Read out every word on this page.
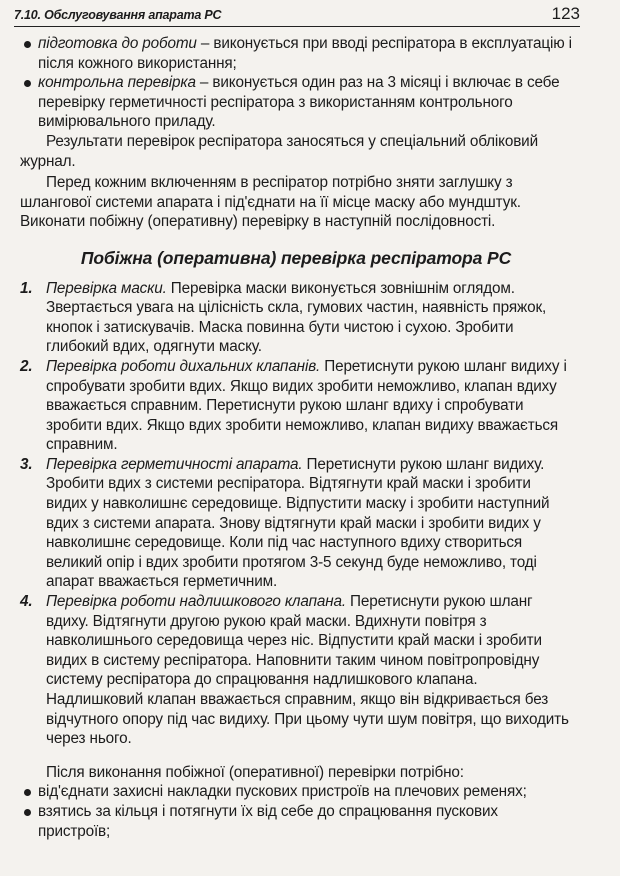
7.10. Обслуговування апарата РС	123

підготовка до роботи – виконується при вводі респіратора в експлуатацію і після кожного використання;

контрольна перевірка – виконується один раз на 3 місяці і включає в себе перевірку герметичності респіратора з використанням контрольного вимірювального приладу.

Результати перевірок респіратора заносяться у спеціальний обліковий журнал.

Перед кожним включенням в респіратор потрібно зняти заглушку з шлангової системи апарата і під'єднати на її місце маску або мундштук. Виконати побіжну (оперативну) перевірку в наступній послідовності.

Побіжна (оперативна) перевірка респіратора РС

1. Перевірка маски. Перевірка маски виконується зовнішнім оглядом. Звертається увага на цілісність скла, гумових частин, наявність пряжок, кнопок і затискувачів. Маска повинна бути чистою і сухою. Зробити глибокий вдих, одягнути маску.

2. Перевірка роботи дихальних клапанів. Перетиснути рукою шланг видиху і спробувати зробити вдих. Якщо видих зробити неможливо, клапан вдиху вважається справним. Перетиснути рукою шланг вдиху і спробувати зробити вдих. Якщо вдих зробити неможливо, клапан видиху вважається справним.

3. Перевірка герметичності апарата. Перетиснути рукою шланг видиху. Зробити вдих з системи респіратора. Відтягнути край маски і зробити видих у навколишнє середовище. Відпустити маску і зробити наступний вдих з системи апарата. Знову відтягнути край маски і зробити видих у навколишнє середовище. Коли під час наступного вдиху створиться великий опір і вдих зробити протягом 3-5 секунд буде неможливо, тоді апарат вважається герметичним.

4. Перевірка роботи надлишкового клапана. Перетиснути рукою шланг вдиху. Відтягнути другою рукою край маски. Вдихнути повітря з навколишнього середовища через ніс. Відпустити край маски і зробити видих в систему респіратора. Наповнити таким чином повітропровідну систему респіратора до спрацювання надлишкового клапана. Надлишковий клапан вважається справним, якщо він відкривається без відчутного опору під час видиху. При цьому чути шум повітря, що виходить через нього.

Після виконання побіжної (оперативної) перевірки потрібно:

від'єднати захисні накладки пускових пристроїв на плечових ременях;

взятись за кільця і потягнути їх від себе до спрацювання пускових пристроїв;
